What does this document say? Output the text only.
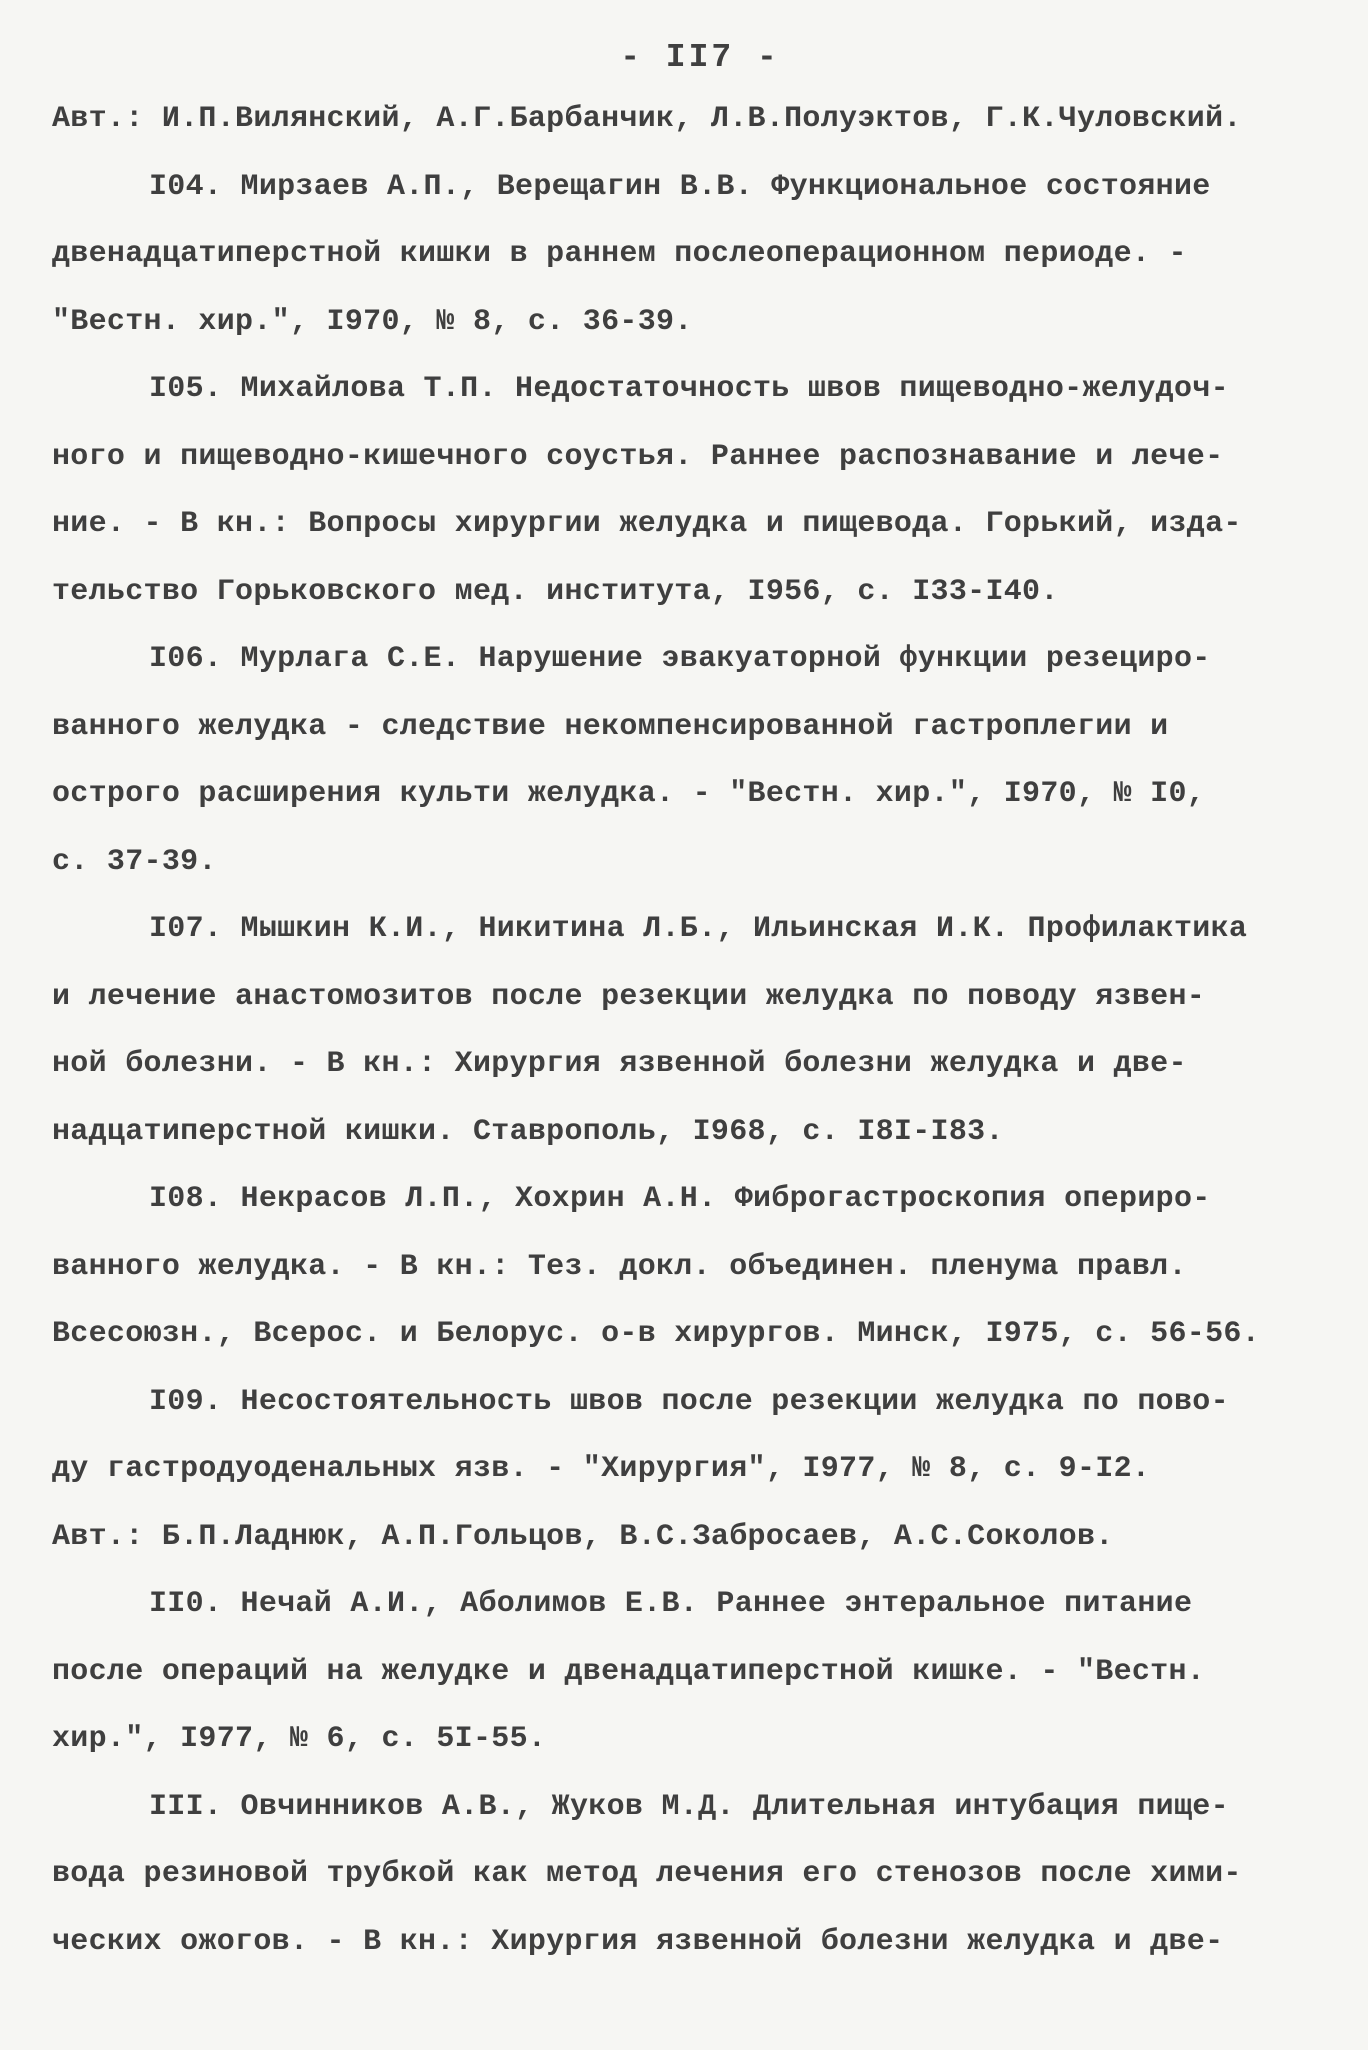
- II7 -
Авт.: И.П.Вилянский, А.Г.Барбанчик, Л.В.Полуэктов, Г.К.Чуловский.
I04. Мирзаев А.П., Верещагин В.В. Функциональное состояние
двенадцатиперстной кишки в раннем послеоперационном периоде. -
"Вестн. хир.", I970, № 8, с. 36-39.
I05. Михайлова Т.П. Недостаточность швов пищеводно-желудоч-
ного и пищеводно-кишечного соустья. Раннее распознавание и лече-
ние. - В кн.: Вопросы хирургии желудка и пищевода. Горький, изда-
тельство Горьковского мед. института, I956, с. I33-I40.
I06. Мурлага С.Е. Нарушение эвакуаторной функции резециро-
ванного желудка - следствие некомпенсированной гастроплегии и
острого расширения культи желудка. - "Вестн. хир.", I970, № I0,
с. 37-39.
I07. Мышкин К.И., Никитина Л.Б., Ильинская И.К. Профилактика
и лечение анастомозитов после резекции желудка по поводу язвен-
ной болезни. - В кн.: Хирургия язвенной болезни желудка и две-
надцатиперстной кишки. Ставрополь, I968, с. I8I-I83.
I08. Некрасов Л.П., Хохрин А.Н. Фиброгастроскопия опериро-
ванного желудка. - В кн.: Тез. докл. объединен. пленума правл.
Всесоюзн., Всерос. и Белорус. о-в хирургов. Минск, I975, с. 56-56.
I09. Несостоятельность швов после резекции желудка по пово-
ду гастродуоденальных язв. - "Хирургия", I977, № 8, с. 9-I2.
Авт.: Б.П.Ладнюк, А.П.Гольцов, В.С.Забросаев, А.С.Соколов.
II0. Нечай А.И., Аболимов Е.В. Раннее энтеральное питание
после операций на желудке и двенадцатиперстной кишке. - "Вестн.
хир.", I977, № 6, с. 5I-55.
III. Овчинников А.В., Жуков М.Д. Длительная интубация пище-
вода резиновой трубкой как метод лечения его стенозов после хими-
ческих ожогов. - В кн.: Хирургия язвенной болезни желудка и две-
